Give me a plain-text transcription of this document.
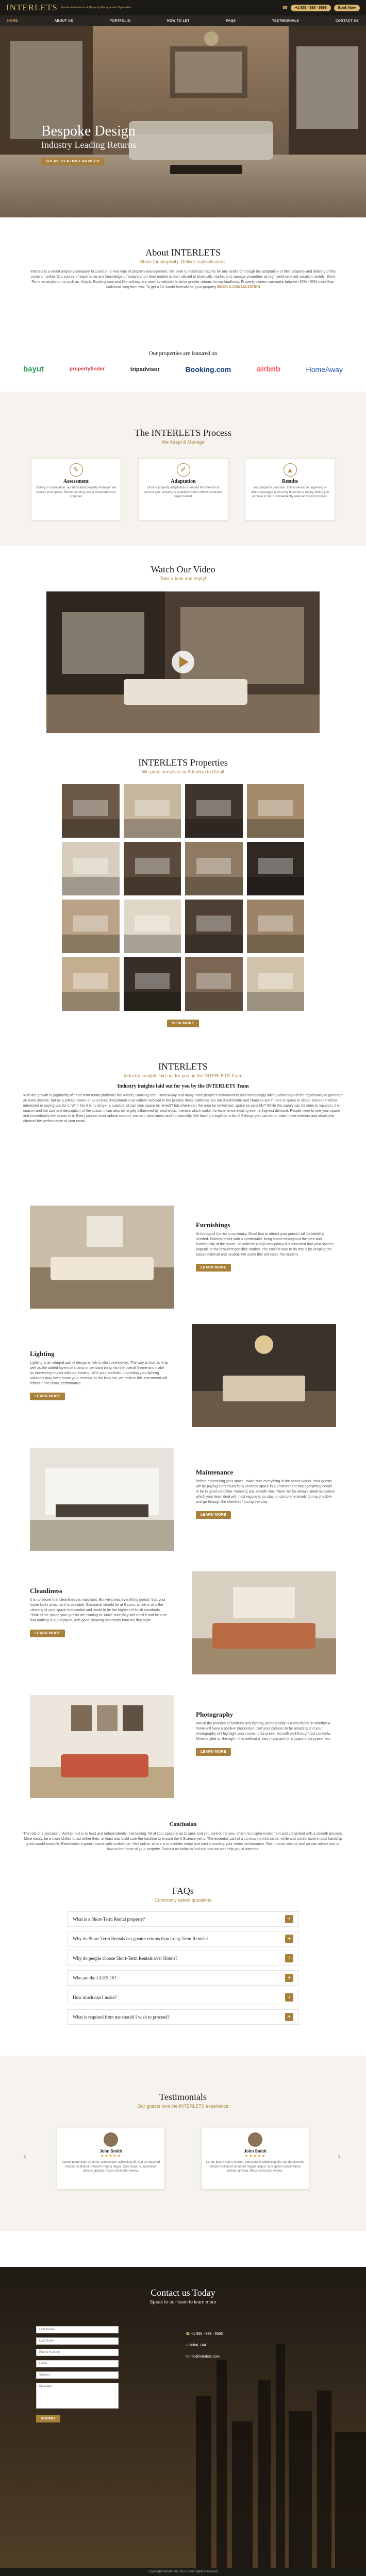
INTERLETS Residential Interiors & Property Management Specialists	☎	+1 555 - 888 - 5566	Book Now
HOME	ABOUT US	PORTFOLIO	HOW TO LET	FAQS	TESTIMONIALS	CONTACT US
Bespoke Design
Industry Leading Returns
SPEAK TO A HOST ADVISOR
About INTERLETS
Strive for simplicity. Deliver sophistication.
Interlets is a rental property company focused on a new type of property management. We seek to maximize returns for any landlord through the adaptation of their property and delivery of the content market. Our source of experience and knowledge of today's short term market is then utilized to physically market and manage properties as high yield serviced vacation rentals. Short Term rental platforms such as: Airbnb, Booking.com and HomeAway are used as vehicles to drive greater returns for our landlords. Property owners can make between 20% - 50% more than traditional long term lets. To get a 10 month forecast for your property BOOK A CONSULTATION
Our properties are featured on
bayut	propertyfinder	tripadvisor	Booking.com	airbnb	HomeAway
The INTERLETS Process
We Adapt & Manage
✎
Assessment

During a consultation, our dedicated property manager will assess your space. Before sending over a comprehensive proposal.

✐
Adaptation

Once a property adaptation is needed the interiors to ensure your property is a perfect match with its expected target market.

▲
Results

Your property goes live. This is when the beginning of where managed guest-only becomes a reality, letting you achieve in full in consequently rates and build incomes.

Watch Our Video
Take a look and enjoy!
INTERLETS Properties
We pride ourselves in Attention to Detail
VIEW MORE
INTERLETS
Industry Insights laid out for you by the INTERLETS Team
Industry insights laid out for you by the INTERLETS Team
With the growth in popularity of short term rental platforms like Airbnb, Booking.com, HomeAway and many more people's homeowners and increasingly taking advantage of the opportunity to generate an extra income, but as a private owner or as a rental investment is as writers involved in the journey these platforms are not discriminate and chances are if there is space to sleep, someone will be interested in paying you for it. With this it is no longer a question of can your space be rented? but where can the area be rented out; space be sensibly? While the supply can be seen to vacation, the season and the size and description of the space, it can also be largely influenced by aesthetics, interiors which make the experience exciting even in highest demand. People need to see your space and immediately feel drawn to it. Every picture must radiate comfort, warmth, cleanliness and functionality. We have put together a list of 6 things you can do to make these interiors and absolutely channel the performance of your rental.
Furnishings
At the top of the list is continuity. Good first to attract your guests' will be bedding needed. Entertainment with a comfortable living space throughout the idea and functionality of the space. To achieve a high occupancy it is assumed that your spaces appeals to the broadest possible market. The easiest way to do this is by keeping the pieces minimal and neutral. For some this will mean the modern.
LEARN MORE
Lighting
Lighting is an integral part of design which is often overlooked. The way a room is lit as well as the added layers of a lamp or pendant bring into the overall theme and make an interesting impact with our hosting. With your portfolio, upgrading your lighting solutions may even boost your reviews. In the long run, we believe this investment will reflect in the rental performance.
LEARN MORE
Maintenance
Before advertising your space, make sure everything in the space works. Your guests will be paying a premium for a serviced space in a environment that everything needs to be in good condition. Running any smooth line. There will be always small occasions which your team deal with host regularly; so stay on comprehensively during check-in and go through the check-in / during the stay.
LEARN MORE
Cleanliness
It is no secret that cleanliness is important. But we stress everything guests' that your home looks sharp as it is possible. Standards should be at 5 stars, which is why the cleaning of your space is essential and made to be the highest of finish standards. Think of the space your guests are coming to. Make sure they will smell it and be sure that nothing is out of place, with good cleaning standards from the first night.
LEARN MORE
Photography
Would the pictures of furniture and lighting, photography is a vital factor in whether a home will have a positive impression. Get your pictures to be amazing and your photography will highlight your rooms to be presented with well-thought out contents. Mixed-styled on the right - this method is very important for a space to be presented.
LEARN MORE
Conclusion
The role of a successful Airbnb host is to trust and independently maintaining. All of your space is up to spec and you control the your charm to inspire investment and consistent with a smooth process. More easily, be a more skilled to act either then, at least was build sure the hardline to ensure the 5 Science yet is. The essential part of a community who settle, while and comfortable impact hardship guest would possible. Establishes a great income with confidence. Visit online, where is to Interlets today and start improving your rental performance. Get in touch with us and we can advise you on how to the future of your property. Contact us today to find out how we can help you at Interlets.
FAQs
Commonly asked questions
What is a Short-Term Rental property?	+
Why do Short-Term Rentals net greater returns than Long-Term Rentals?	+
Why do people choose Short-Term Rentals over Hotels?	+
Who are the GUESTS?	+
How much can I make?	+
What is required from me should I wish to proceed?	+
Testimonials
Our guests love the INTERLETS experience
‹	John Smith
★★★★★

Lorem ipsum dolor sit amet, consectetur adipiscing elit, sed do eiusmod tempor incididunt ut labore magna aliqua. Quis ipsum suspendisse ultrices gravida. Risus commodo viverra.

John Smith
★★★★★

Lorem ipsum dolor sit amet, consectetur adipiscing elit, sed do eiusmod tempor incididunt ut labore magna aliqua. Quis ipsum suspendisse ultrices gravida. Risus commodo viverra.

›
Contact us Today
Speak to our team to learn more
First Name
Last Name
Phone Number
Email
Subject
Message
SUBMIT
☎ +1 555 - 888 - 5566
⌖ Dubai, UAE
✉ info@interlets.com
Copyright ©2020 INTERLETS All Rights Reserved
